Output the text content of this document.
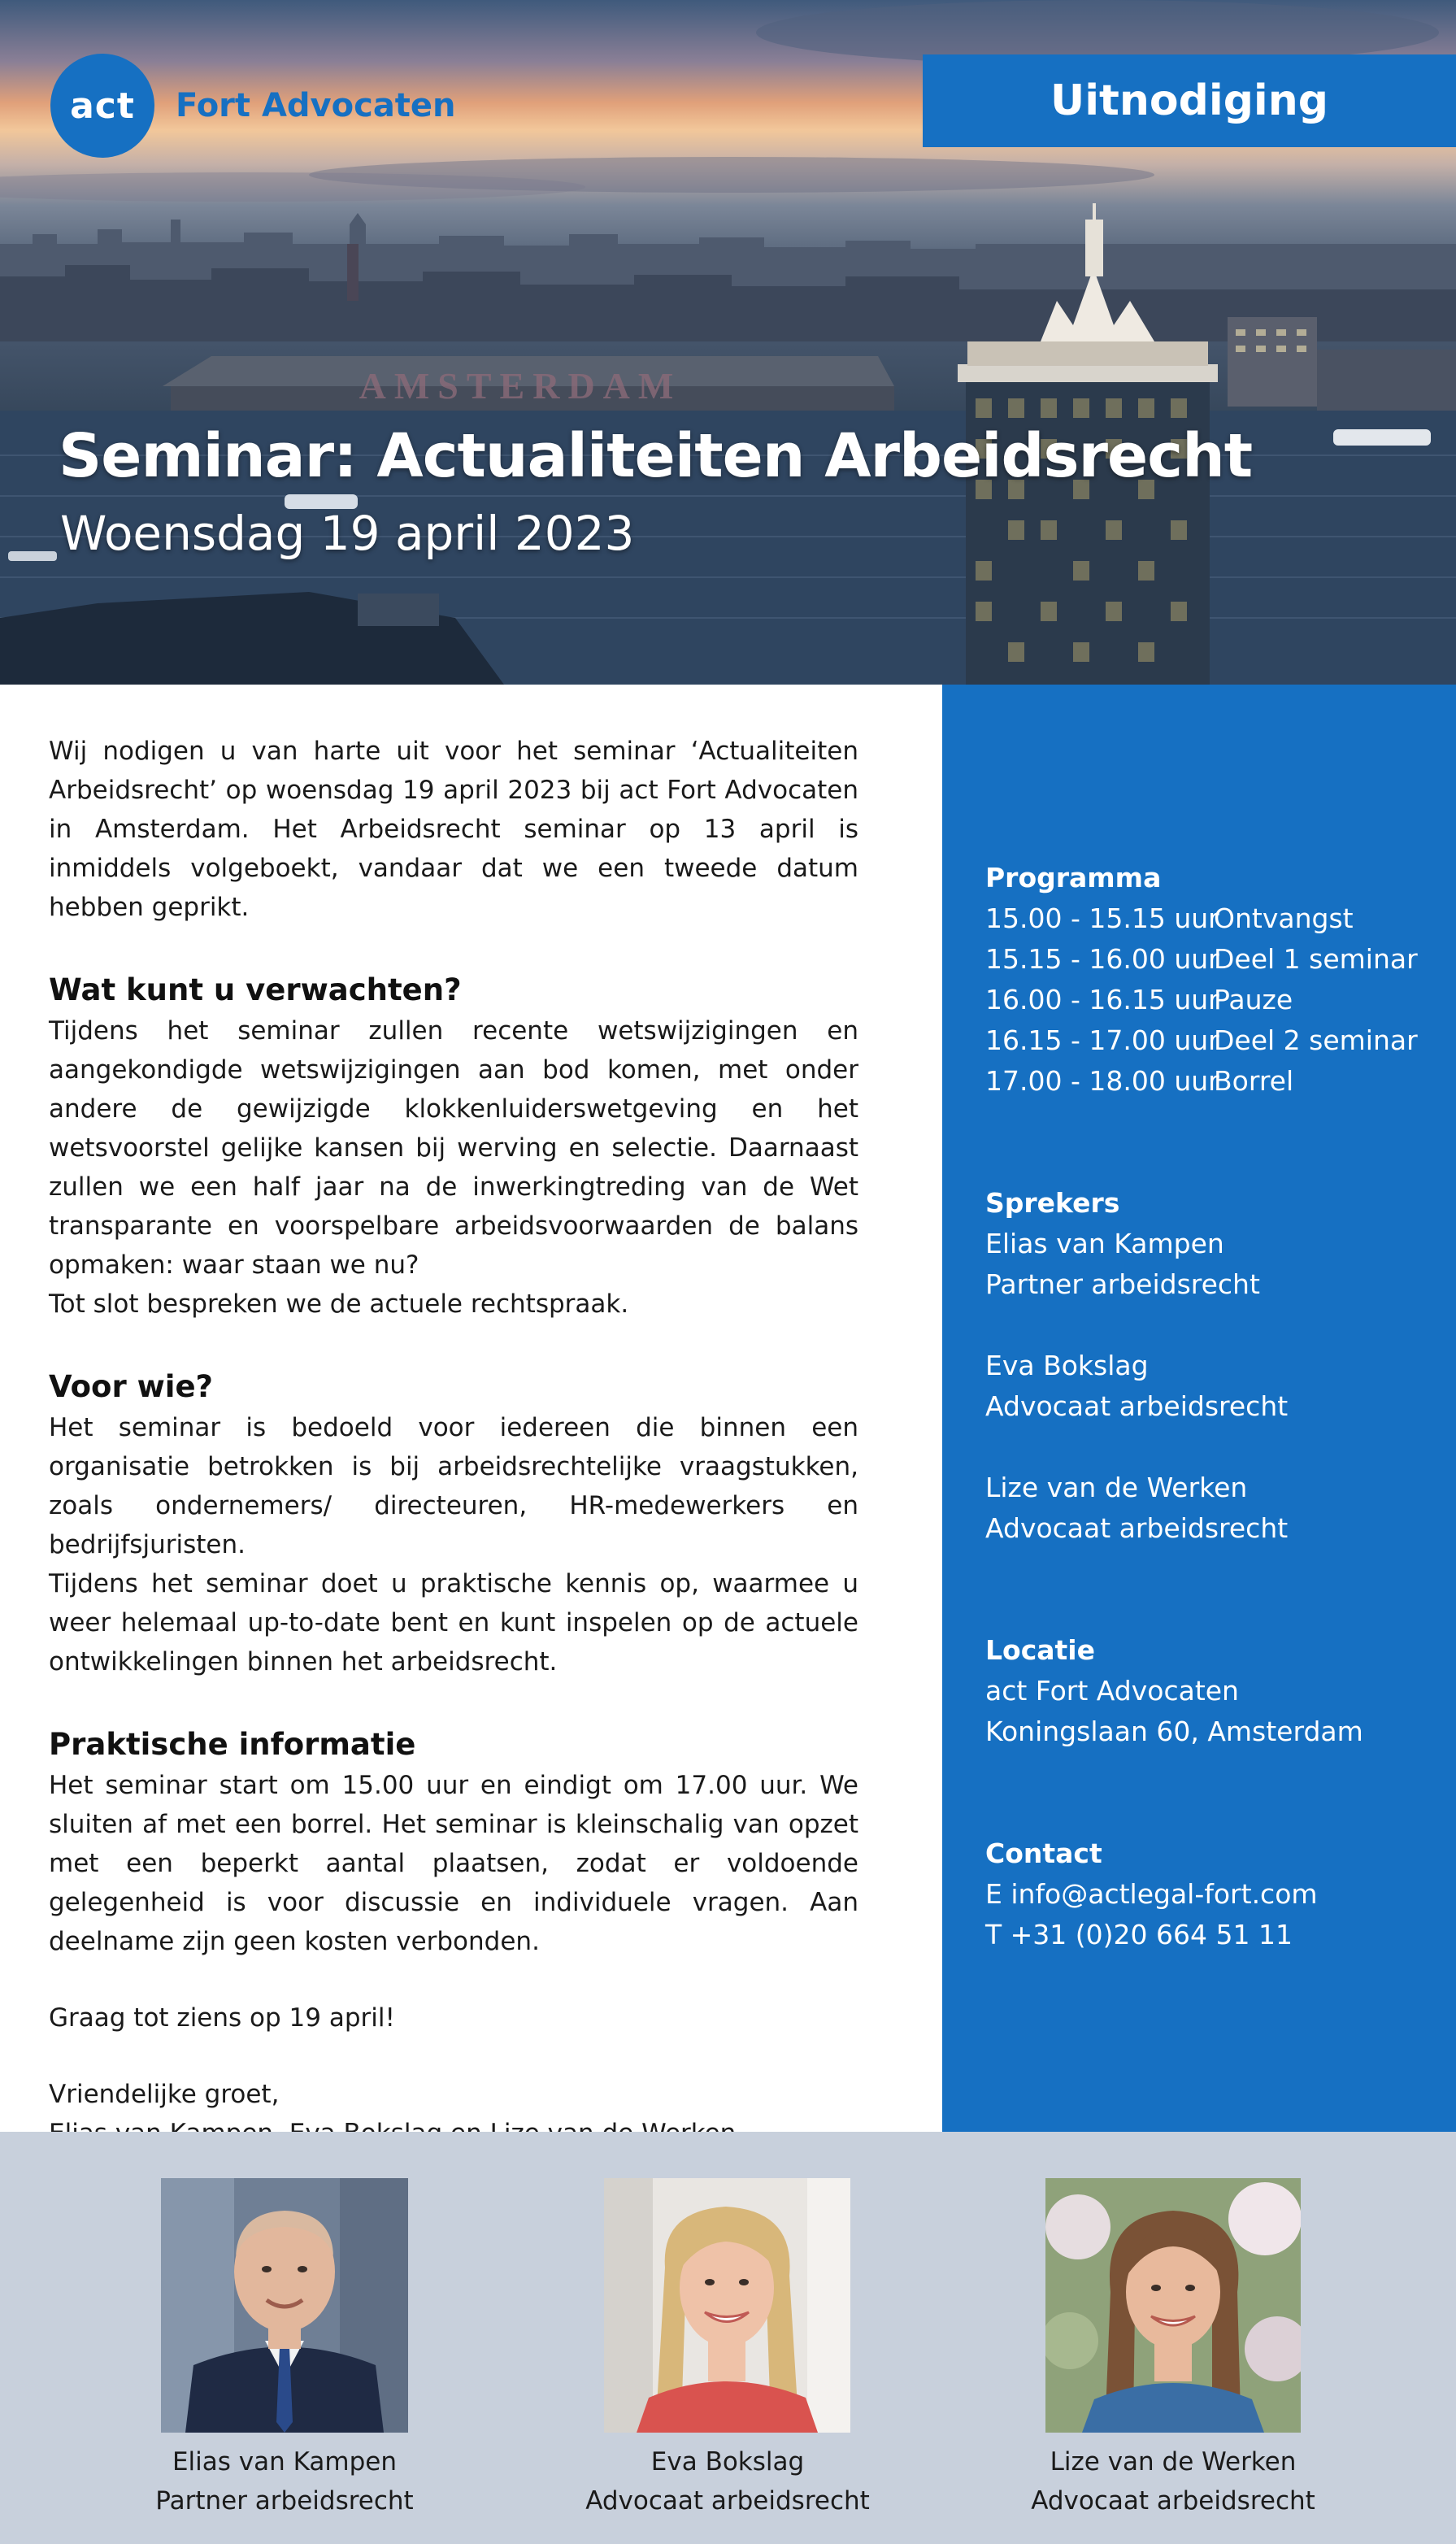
AMSTERDAM
act	Fort Advocaten	Uitnodiging
Seminar: Actualiteiten Arbeidsrecht
Woensdag 19 april 2023

Wij nodigen u van harte uit voor het seminar ‘Actualiteiten Arbeidsrecht’ op woensdag 19 april 2023 bij act Fort Advocaten in Amsterdam. Het Arbeidsrecht seminar op 13 april is inmiddels volgeboekt, vandaar dat we een tweede datum hebben geprikt.

Wat kunt u verwachten?

Tijdens het seminar zullen recente wetswijzigingen en aangekondigde wetswijzigingen aan bod komen, met onder andere de gewijzigde klokkenluiderswetgeving en het wetsvoorstel gelijke kansen bij werving en selectie. Daarnaast zullen we een half jaar na de inwerkingtreding van de Wet transparante en voorspelbare arbeidsvoorwaarden de balans opmaken: waar staan we nu?

Tot slot bespreken we de actuele rechtspraak.

Voor wie?

Het seminar is bedoeld voor iedereen die binnen een organisatie betrokken is bij arbeidsrechtelijke vraagstukken, zoals ondernemers/ directeuren, HR-medewerkers en bedrijfsjuristen.

Tijdens het seminar doet u praktische kennis op, waarmee u weer helemaal up-to-date bent en kunt inspelen op de actuele ontwikkelingen binnen het arbeidsrecht.

Praktische informatie

Het seminar start om 15.00 uur en eindigt om 17.00 uur. We sluiten af met een borrel. Het seminar is kleinschalig van opzet met een beperkt aantal plaatsen, zodat er voldoende gelegenheid is voor discussie en individuele vragen. Aan deelname zijn geen kosten verbonden.

Graag tot ziens op 19 april!

Vriendelijke groet,

Programma
15.00 - 15.15 uur
Ontvangst
15.15 - 16.00 uur
Deel 1 seminar
16.00 - 16.15 uur
Pauze
16.15 - 17.00 uur
Deel 2 seminar
17.00 - 18.00 uur
Borrel
Sprekers
Elias van Kampen
Partner arbeidsrecht
Eva Bokslag
Advocaat arbeidsrecht
Lize van de Werken
Advocaat arbeidsrecht
Locatie
act Fort Advocaten
Koningslaan 60, Amsterdam
Contact
E info@actlegal-fort.com
T +31 (0)20 664 51 11
Elias van Kampen
Partner arbeidsrecht
Eva Bokslag
Advocaat arbeidsrecht
Lize van de Werken
Advocaat arbeidsrecht
